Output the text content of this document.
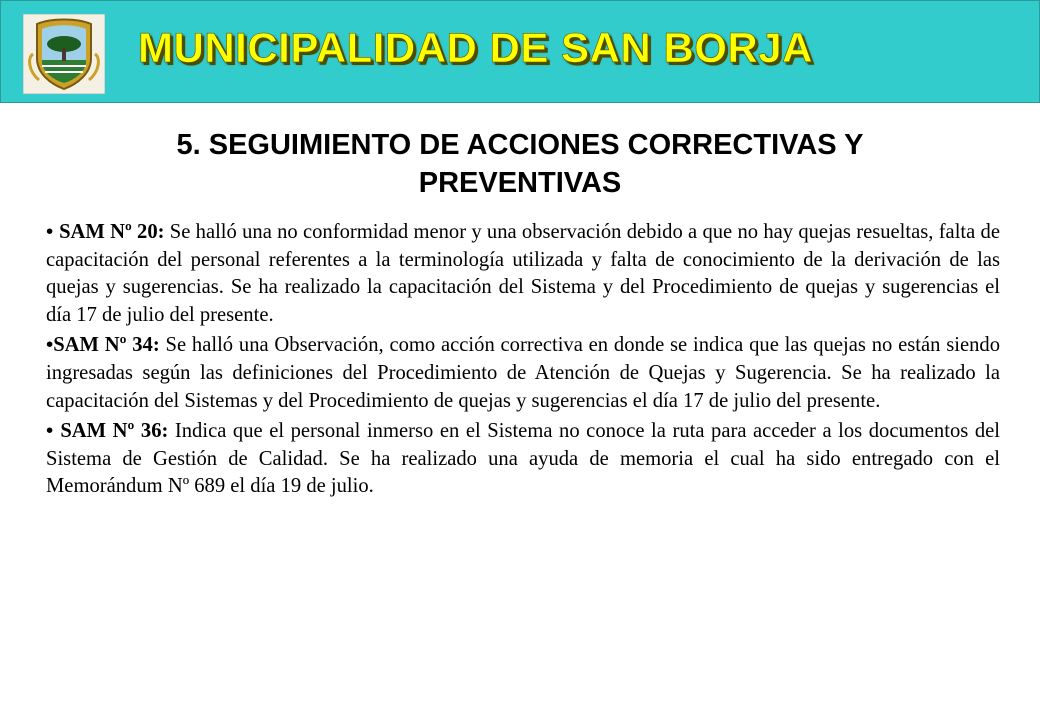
MUNICIPALIDAD DE SAN BORJA
5. SEGUIMIENTO DE ACCIONES CORRECTIVAS Y
PREVENTIVAS

• SAM Nº 20: Se halló una no conformidad menor y una observación debido a que no hay quejas resueltas, falta de capacitación del personal referentes a la terminología utilizada y falta de conocimiento de la derivación de las quejas y sugerencias. Se ha realizado la capacitación del Sistema y del Procedimiento de quejas y sugerencias el día 17 de julio del presente.

•SAM Nº 34: Se halló una Observación, como acción correctiva en donde se indica que las quejas no están siendo ingresadas según las definiciones del Procedimiento de Atención de Quejas y Sugerencia. Se ha realizado la capacitación del Sistemas y del Procedimiento de quejas y sugerencias el día 17 de julio del presente.

• SAM Nº 36: Indica que el personal inmerso en el Sistema no conoce la ruta para acceder a los documentos del Sistema de Gestión de Calidad. Se ha realizado una ayuda de memoria el cual ha sido entregado con el Memorándum Nº 689 el día 19 de julio.
